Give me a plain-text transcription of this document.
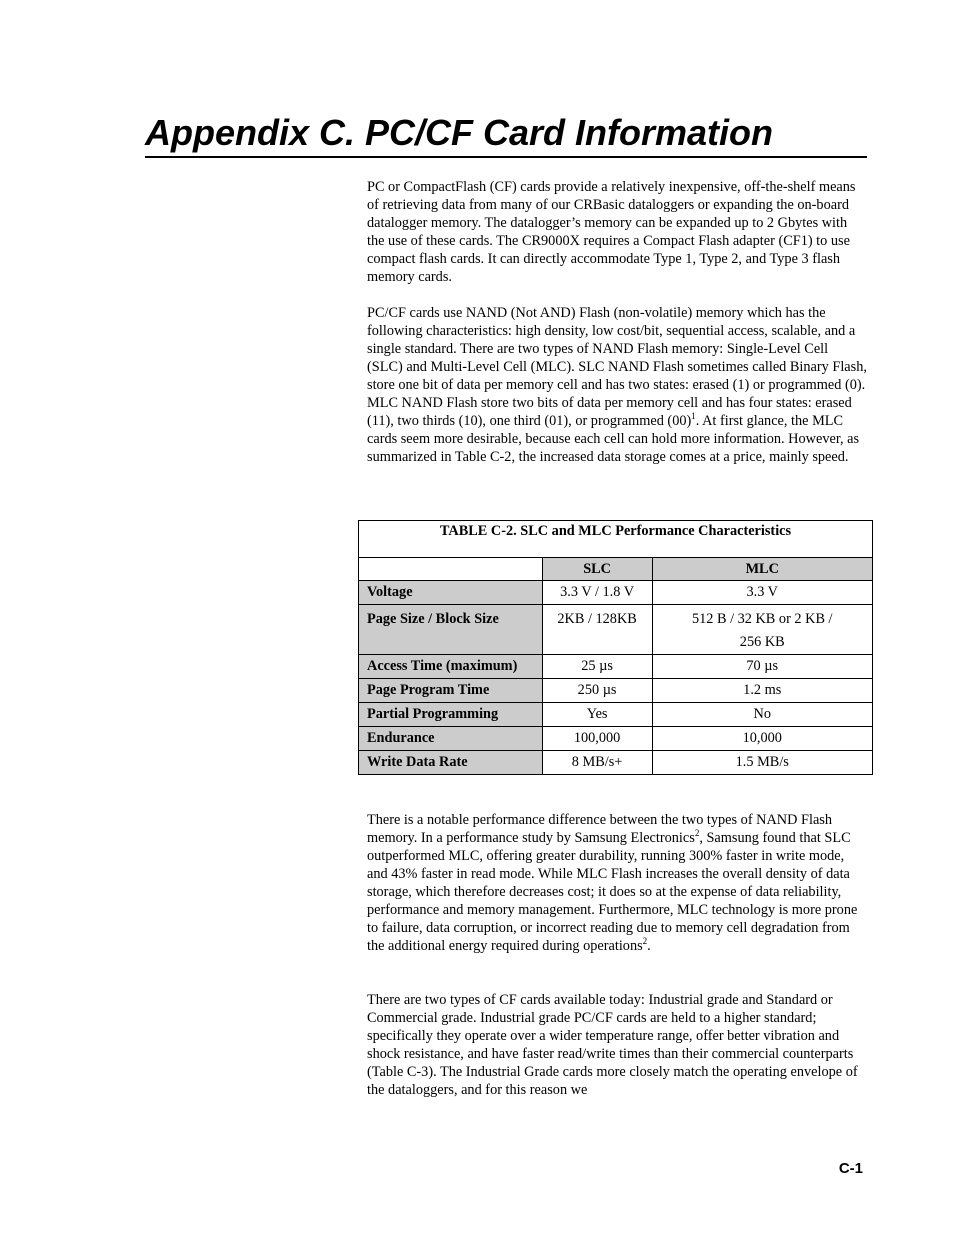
Appendix C. PC/CF Card Information

PC or CompactFlash (CF) cards provide a relatively inexpensive, off-the-shelf means of retrieving data from many of our CRBasic dataloggers or expanding the on-board datalogger memory. The datalogger’s memory can be expanded up to 2 Gbytes with the use of these cards. The CR9000X requires a Compact Flash adapter (CF1) to use compact flash cards. It can directly accommodate Type 1, Type 2, and Type 3 flash memory cards.

PC/CF cards use NAND (Not AND) Flash (non-volatile) memory which has the following characteristics: high density, low cost/bit, sequential access, scalable, and a single standard. There are two types of NAND Flash memory: Single-Level Cell (SLC) and Multi-Level Cell (MLC). SLC NAND Flash sometimes called Binary Flash, store one bit of data per memory cell and has two states: erased (1) or programmed (0). MLC NAND Flash store two bits of data per memory cell and has four states: erased (11), two thirds (10), one third (01), or programmed $(00)^1$. At first glance, the MLC cards seem more desirable, because each cell can hold more information. However, as summarized in Table C-2, the increased data storage comes at a price, mainly speed.

TABLE C-2. SLC and MLC Performance Characteristics		
	SLC	MLC
Voltage	3.3 V / 1.8 V	3.3 V
Page Size / Block Size	2KB / 128KB	512 B / 32 KB or 2 KB / 256 KB
Access Time (maximum)	25 µs	70 µs
Page Program Time	250 µs	1.2 ms
Partial Programming	Yes	No
Endurance	100,000	10,000
Write Data Rate	8 MB/s+	1.5 MB/s

There is a notable performance difference between the two types of NAND Flash memory. In a performance study by Samsung Electronics$^2$, Samsung found that SLC outperformed MLC, offering greater durability, running 300% faster in write mode, and 43% faster in read mode. While MLC Flash increases the overall density of data storage, which therefore decreases cost; it does so at the expense of data reliability, performance and memory management. Furthermore, MLC technology is more prone to failure, data corruption, or incorrect reading due to memory cell degradation from the additional energy required during operations$^2$.

There are two types of CF cards available today: Industrial grade and Standard or Commercial grade. Industrial grade PC/CF cards are held to a higher standard; specifically they operate over a wider temperature range, offer better vibration and shock resistance, and have faster read/write times than their commercial counterparts (Table C-3). The Industrial Grade cards more closely match the operating envelope of the dataloggers, and for this reason we

C-1
